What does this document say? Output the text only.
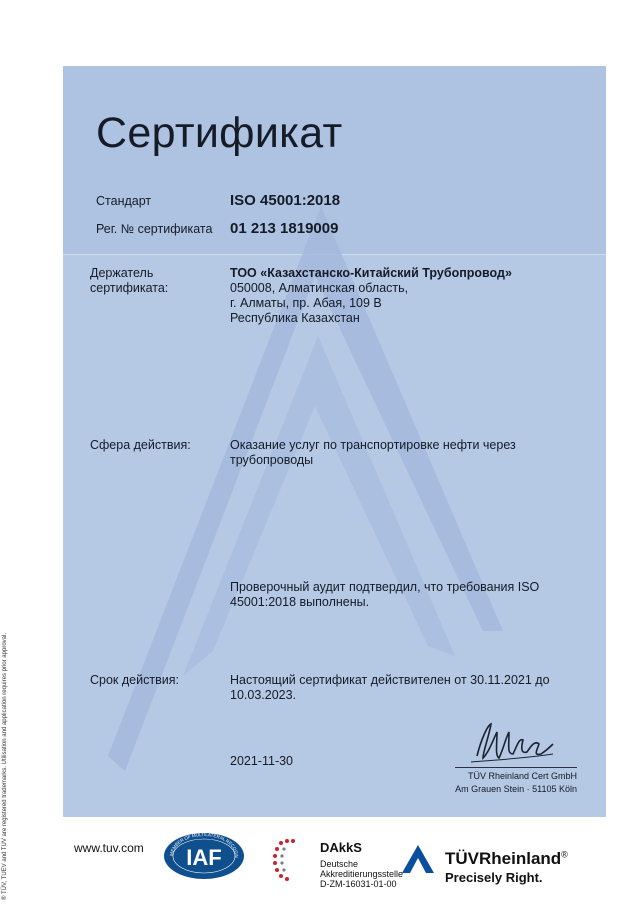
Сертификат
Стандарт	ISO 45001:2018
Рег. № сертификата 01 213 1819009
Держатель
сертификата:
ТОО «Казахстанско-Китайский Трубопровод»
050008, Алматинская область,
г. Алматы, пр. Абая, 109 В
Республика Казахстан
Сфера действия:	Оказание услуг по транспортировке нефти через
трубопроводы
Проверочный аудит подтвердил, что требования ISO
45001:2018 выполнены.
Срок действия:	Настоящий сертификат действителен от 30.11.2021 до
10.03.2023.
2021-11-30
TÜV Rheinland Cert GmbH
Am Grauen Stein · 51105 Köln
® TÜV, TUEV and TUV are registered trademarks. Utilisation and application requires prior approval.	www.tuv.com	MEMBER OF MULTILATERAL RECOGN
IAF	DAkkS
Deutsche
Akkreditierungsstelle
D-ZM-16031-01-00
TÜVRheinland®
Precisely Right.
